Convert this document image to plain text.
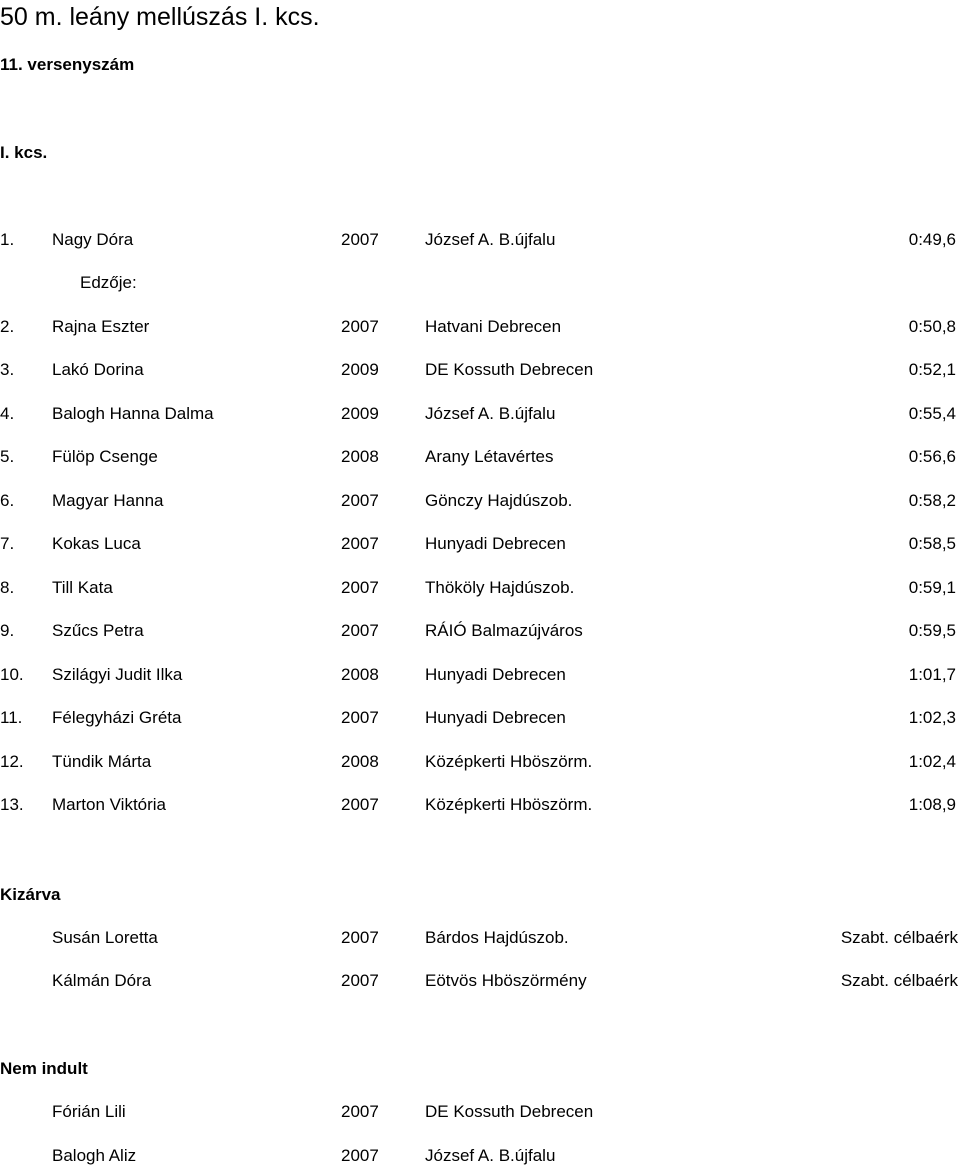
50 m. leány mellúszás I. kcs.
11. versenyszám
I. kcs.
1. Nagy Dóra	2007	József A. B.újfalu	0:49,6
Edzője:
2. Rajna Eszter	2007	Hatvani Debrecen	0:50,8
3. Lakó Dorina	2009	DE Kossuth Debrecen	0:52,1
4. Balogh Hanna Dalma	2009	József A. B.újfalu	0:55,4
5. Fülöp Csenge	2008	Arany Létavértes	0:56,6
6. Magyar Hanna	2007	Gönczy Hajdúszob.	0:58,2
7. Kokas Luca	2007	Hunyadi Debrecen	0:58,5
8. Till Kata	2007	Thököly Hajdúszob.	0:59,1
9. Szűcs Petra	2007	RÁIÓ Balmazújváros	0:59,5
10. Szilágyi Judit Ilka	2008	Hunyadi Debrecen	1:01,7
11. Félegyházi Gréta	2007	Hunyadi Debrecen	1:02,3
12. Tündik Márta	2008	Középkerti Hböszörm.	1:02,4
13. Marton Viktória	2007	Középkerti Hböszörm.	1:08,9
Kizárva
Susán Loretta	2007	Bárdos Hajdúszob.	Szabt. célbaérk
Kálmán Dóra	2007	Eötvös Hböszörmény	Szabt. célbaérk
Nem indult
Fórián Lili	2007	DE Kossuth Debrecen
Balogh Aliz	2007	József A. B.újfalu
